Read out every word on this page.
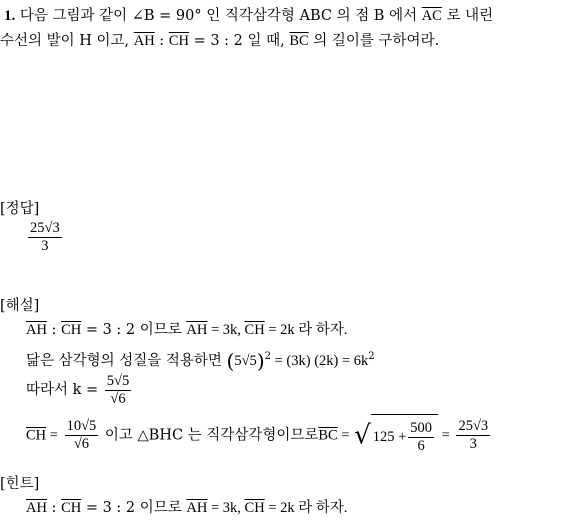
1. 다음 그림과 같이 ∠B = 90° 인 직각삼각형 ABC 의 점 B 에서 $\overline{AC}$ 로 내린
수선의 발이 H 이고, $\overline{AH}$ : $\overline{CH} = 3$ : 2 일 때, $\overline{BC}$ 의 길이를 구하여라.
[정답]
$\frac{25√3}{3}$
[해설]
$\overline{AH}$ : $\overline{CH} = 3$ : 2 이므로 $\overline{AH} = 3k$, $\overline{CH} = 2k$ 라 하자.
닮은 삼각형의 성질을 적용하면 $(5√5)^2 = (3k) (2k) = 6k^2$
따라서 $k = \frac{5√5}{√6}$
$\overline{CH} = \frac{10√5}{√6}$ 이고 △BHC 는 직각삼각형이므로$\overline{BC}$ = √ $125 + \frac{500}{6} = \frac{25√3}{3}$
[힌트]
$\overline{AH}$ : $\overline{CH} = 3$ : 2 이므로 $\overline{AH} = 3k$, $\overline{CH} = 2k$ 라 하자.
